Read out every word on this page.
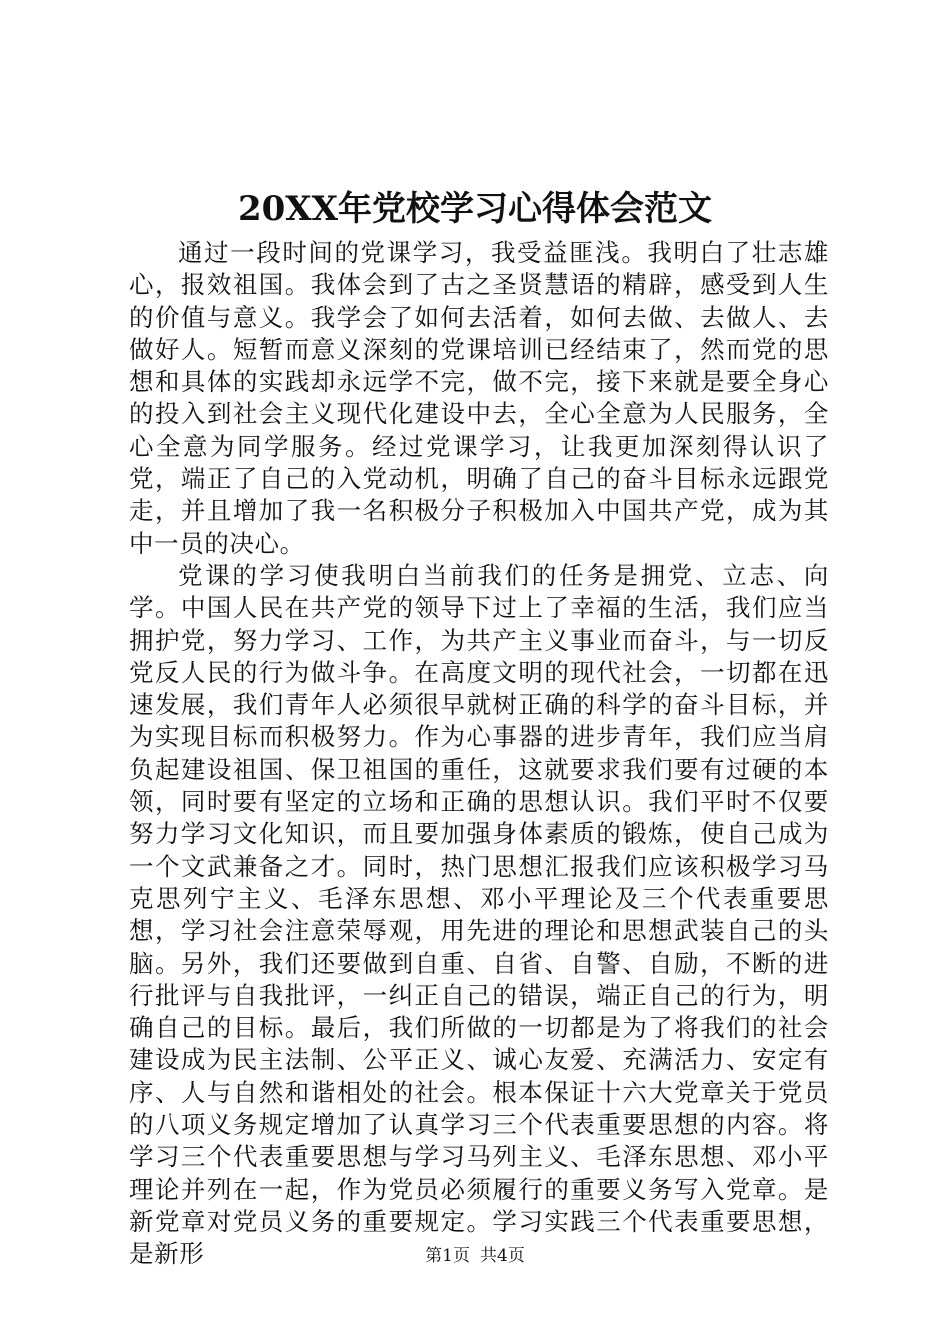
20XX年党校学习心得体会范文

通过一段时间的党课学习，我受益匪浅。我明白了壮志雄心，报效祖国。我体会到了古之圣贤慧语的精辟，感受到人生的价值与意义。我学会了如何去活着，如何去做、去做人、去做好人。短暂而意义深刻的党课培训已经结束了，然而党的思想和具体的实践却永远学不完，做不完，接下来就是要全身心的投入到社会主义现代化建设中去，全心全意为人民服务，全心全意为同学服务。经过党课学习，让我更加深刻得认识了党，端正了自己的入党动机，明确了自己的奋斗目标永远跟党走，并且增加了我一名积极分子积极加入中国共产党，成为其中一员的决心。

党课的学习使我明白当前我们的任务是拥党、立志、向学。中国人民在共产党的领导下过上了幸福的生活，我们应当拥护党，努力学习、工作，为共产主义事业而奋斗，与一切反党反人民的行为做斗争。在高度文明的现代社会，一切都在迅速发展，我们青年人必须很早就树正确的科学的奋斗目标，并为实现目标而积极努力。作为心事器的进步青年，我们应当肩负起建设祖国、保卫祖国的重任，这就要求我们要有过硬的本领，同时要有坚定的立场和正确的思想认识。我们平时不仅要努力学习文化知识，而且要加强身体素质的锻炼，使自己成为一个文武兼备之才。同时，热门思想汇报我们应该积极学习马克思列宁主义、毛泽东思想、邓小平理论及三个代表重要思想，学习社会注意荣辱观，用先进的理论和思想武装自己的头脑。另外，我们还要做到自重、自省、自警、自励，不断的进行批评与自我批评，一纠正自己的错误，端正自己的行为，明确自己的目标。最后，我们所做的一切都是为了将我们的社会建设成为民主法制、公平正义、诚心友爱、充满活力、安定有序、人与自然和谐相处的社会。根本保证十六大党章关于党员的八项义务规定增加了认真学习三个代表重要思想的内容。将学习三个代表重要思想与学习马列主义、毛泽东思想、邓小平理论并列在一起，作为党员必须履行的重要义务写入党章。是新党章对党员义务的重要规定。学习实践三个代表重要思想，是新形	第1页 共4页
